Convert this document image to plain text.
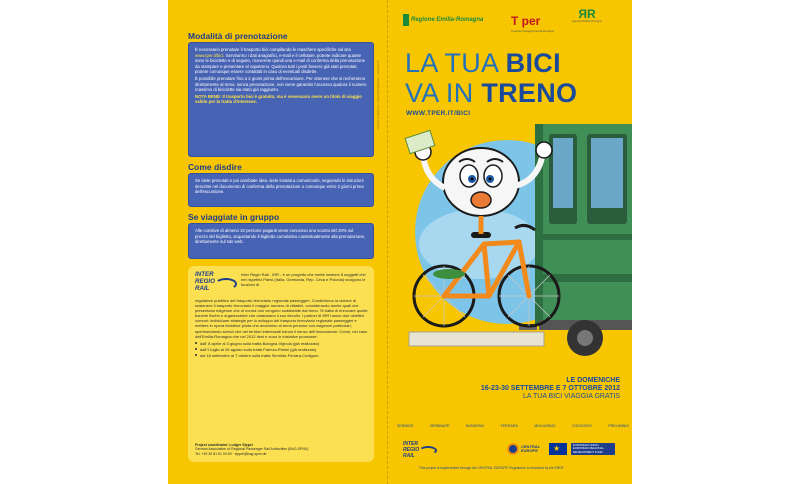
Modalità di prenotazione

È necessario prenotare il trasporto bici compilando le maschere specifiche sul sito www.tper.it/bici. Serviranno i dati anagrafici, e-mail e il cellulare, potrete indicare quante sono le biciclette e di seguito, riceverete quindi una e-mail di conferma della prenotazione da stampare e presentare al capotreno. Qualora tutti i posti fossero già stati prenotati, potrete comunque essere contattati in caso di eventuali disdette.

È possibile prenotare fino a 2 giorni prima dell'escursione. Per ottenere che si recheranno direttamente al treno, senza prenotazione, non viene garantito l'accesso qualora il numero massimo di biciclette sia stato già raggiunto.

NOTA BENE: Il trasporto bici è gratuito, ma è necessario avere un titolo di viaggio valido per la tratta d'interesse.

Come disdire

Se siete prenotati e poi cambiate idea, siete invitati a comunicarlo, seguendo le istruzioni descritte nel documento di conferma della prenotazione o comunque entro 2 giorni prima dell'escursione.

Se viaggiate in gruppo

Alle comitive di almeno 10 persone paganti viene concesso uno sconto del 20% sul prezzo del biglietto, acquistando il biglietto cumulativo contestualmente alla prenotazione, direttamente sul sito web.

INTER
REGIO
RAIL
Inter Regio Rail - IRR - è un progetto che mette insieme 8 soggetti che nei rispettivi Paesi (Italia, Germania, Rep. Ceca e Polonia) svolgono le funzioni di

regolatore pubblico del trasporto ferroviario regionale passeggeri. Condividono la visione di sostenere il trasporto ferroviario il maggior numero di cittadini, considerando anche quali che presentano esigenze che di norma non vengono soddisfatte dal treno. Si tratta di rinnovare quelle banche fische e organizzative che ostacolano il suo decollo. I partner di IRR hanno due obiettivi comuni: individuare strategie per lo sviluppo del trasporto ferroviario regionale passeggeri e mettere in opera iniziative pilota che avvicinino al treno persone con esigenze particolari, sperimentando servizi che nei territori interessati hanno il senso dell'innovazione. Come, nel caso dell'Emilia-Romagna che nel 2012 tieni e sono le iniziative promosse:

dall' 8 aprile al 3 giugno sulla tratta Bologna-Vignola (già realizzato)
dall'1 luglio al 26 agosto sulla tratta Faenza-Rimini (già realizzato)
dal 16 settembre al 7 ottobre sulla tratta Sermide-Ferrara-Codigoro
Project coordinator: Ludger Sippel
German Association of Regional Passenger Rail Authorities (BAG-SPNV)
Tel. +49 30 81 61 94 50 · sippel@bag-spnv.de
www.irr-project.eu · www.interregrail.eu · www.tper.it
Regione Emilia-Romagna T per
Trasporto Passeggeri Emilia-Romagna
ЯR
Agenzia Mobilità Romagna
LA TUA BICI
VA IN TRENO
WWW.TPER.IT/BICI
LE DOMENICHE
16-23-30 SETTEMBRE E 7 OTTOBRE 2012
LA TUA BICI VIAGGIA GRATIS
SERMIDE	ZERBINATE	BONDENO	FERRARA	MIGLIARINO	CODIGORO	PRELIMINIO
INTER
REGIO
RAIL
CENTRAL EUROPE	★	EUROPEAN UNION EUROPEAN REGIONAL DEVELOPMENT FUND
This project is implemented through the CENTRAL EUROPE Programme co-financed by the ERDF
